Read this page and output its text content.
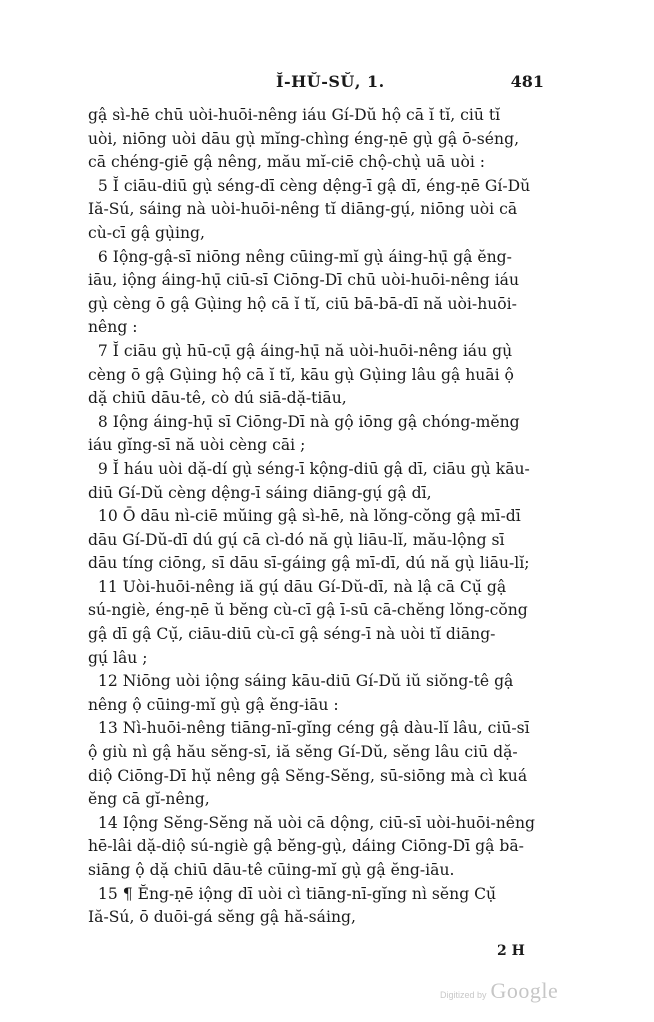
Ĭ-HŬ-SŬ, 1.	481
gậ sì-hē chū uòi-huōi-nêng iáu Gí-Dŭ hộ cā ĭ tĭ, ciū tĭ
uòi, niōng uòi dāu gụ̀ mĭng-chìng éng-ṇē gụ̀ gậ ō-séng,
cā chéng-giē gậ nêng, mău mĭ-ciē chộ-chụ̀ uā uòi :
5 Ĭ ciāu-diū gụ̀ séng-dī cèng dệng-ī gậ dī, éng-ṇē Gí-Dŭ
Iă-Sú, sáing nà uòi-huōi-nêng tĭ diāng-gụ́, niōng uòi cā
cù-cī gậ gụ̀ing,
6 Iộng-gậ-sī niōng nêng cūing-mĭ gụ̀ áing-hụ̄ gậ ĕng-
iāu, iộng áing-hụ̄ ciū-sī Ciōng-Dī chū uòi-huōi-nêng iáu
gụ̀ cèng ō gậ Gụ̀ing hộ cā ĭ tĭ, ciū bā-bā-dī nă uòi-huōi-
nêng :
7 Ĭ ciāu gụ̀ hū-cụ̄ gậ áing-hụ̄ nă uòi-huōi-nêng iáu gụ̀
cèng ō gậ Gụ̀ing hộ cā ĭ tĭ, kāu gụ̀ Gụ̀ing lâu gậ huāi ộ
dặ chiū dāu-tê, cò dú siā-dặ-tiāu,
8 Iộng áing-hụ̄ sī Ciōng-Dī nà gộ iōng gậ chóng-mĕng
iáu gĭng-sī nă uòi cèng cāi ;
9 Ĭ háu uòi dặ-dí gụ̀ séng-ī kộng-diū gậ dī, ciāu gụ̀ kāu-
diū Gí-Dŭ cèng dệng-ī sáing diāng-gụ́ gậ dī,
10 Ō dāu nì-ciē mŭing gậ sì-hē, nà lŏng-cŏng gậ mī-dī
dāu Gí-Dŭ-dī dú gụ́ cā cì-dó nă gụ̀ liāu-lĭ, mău-lộng sī
dāu tíng ciōng, sī dāu sī-gáing gậ mī-dī, dú nă gụ̀ liāu-lĭ;
11 Uòi-huōi-nêng iă gụ́ dāu Gí-Dŭ-dī, nà lậ cā Cụ̆ gậ
sú-ngiè, éng-ṇē ŭ bĕng cù-cī gậ ī-sū cā-chĕng lŏng-cŏng
gậ dī gậ Cụ̆, ciāu-diū cù-cī gậ séng-ī nà uòi tĭ diāng-
gụ́ lâu ;
12 Niōng uòi iộng sáing kāu-diū Gí-Dŭ iŭ siŏng-tê gậ
nêng ộ cūing-mĭ gụ̀ gậ ĕng-iāu :
13 Nì-huōi-nêng tiāng-nī-gĭng céng gậ dàu-lĭ lâu, ciū-sī
ộ giù nì gậ hău sĕng-sī, iă sĕng Gí-Dŭ, sĕng lâu ciū dặ-
diộ Ciōng-Dī hụ̆ nêng gậ Sĕng-Sĕng, sū-siōng mà cì kuá
ĕng cā gĭ-nêng,
14 Iộng Sĕng-Sĕng nă uòi cā dộng, ciū-sī uòi-huōi-nêng
hē-lâi dặ-diộ sú-ngiè gậ bĕng-gụ̀, dáing Ciōng-Dī gậ bā-
siāng ộ dặ chiū dāu-tê cūing-mĭ gụ̀ gậ ĕng-iāu.
15 ¶ Ĕng-ṇē iộng dī uòi cì tiāng-nī-gĭng nì sĕng Cụ̆
Iă-Sú, ō duōi-gá sĕng gậ hă-sáing,
2 H
Digitized by Google
